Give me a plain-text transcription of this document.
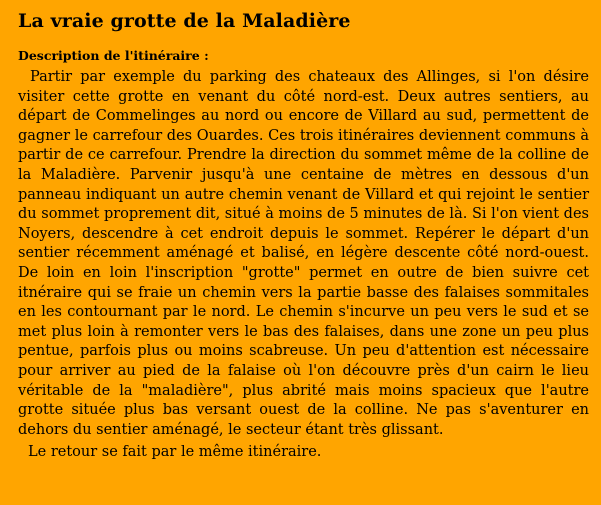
La vraie grotte de la Maladière
Description de l'itinéraire :

Partir par exemple du parking des chateaux des Allinges, si l'on désire visiter cette grotte en venant du côté nord-est. Deux autres sentiers, au départ de Commelinges au nord ou encore de Villard au sud, permettent de gagner le carrefour des Ouardes. Ces trois itinéraires deviennent communs à partir de ce carrefour. Prendre la direction du sommet même de la colline de la Maladière. Parvenir jusqu'à une centaine de mètres en dessous d'un panneau indiquant un autre chemin venant de Villard et qui rejoint le sentier du sommet proprement dit, situé à moins de 5 minutes de là. Si l'on vient des Noyers, descendre à cet endroit depuis le sommet. Repérer le départ d'un sentier récemment aménagé et balisé, en légère descente côté nord-ouest. De loin en loin l'inscription "grotte" permet en outre de bien suivre cet itnéraire qui se fraie un chemin vers la partie basse des falaises sommitales en les contournant par le nord. Le chemin s'incurve un peu vers le sud et se met plus loin à remonter vers le bas des falaises, dans une zone un peu plus pentue, parfois plus ou moins scabreuse. Un peu d'attention est nécessaire pour arriver au pied de la falaise où l'on découvre près d'un cairn le lieu véritable de la "maladière", plus abrité mais moins spacieux que l'autre grotte située plus bas versant ouest de la colline. Ne pas s'aventurer en dehors du sentier aménagé, le secteur étant très glissant.

Le retour se fait par le même itinéraire.
